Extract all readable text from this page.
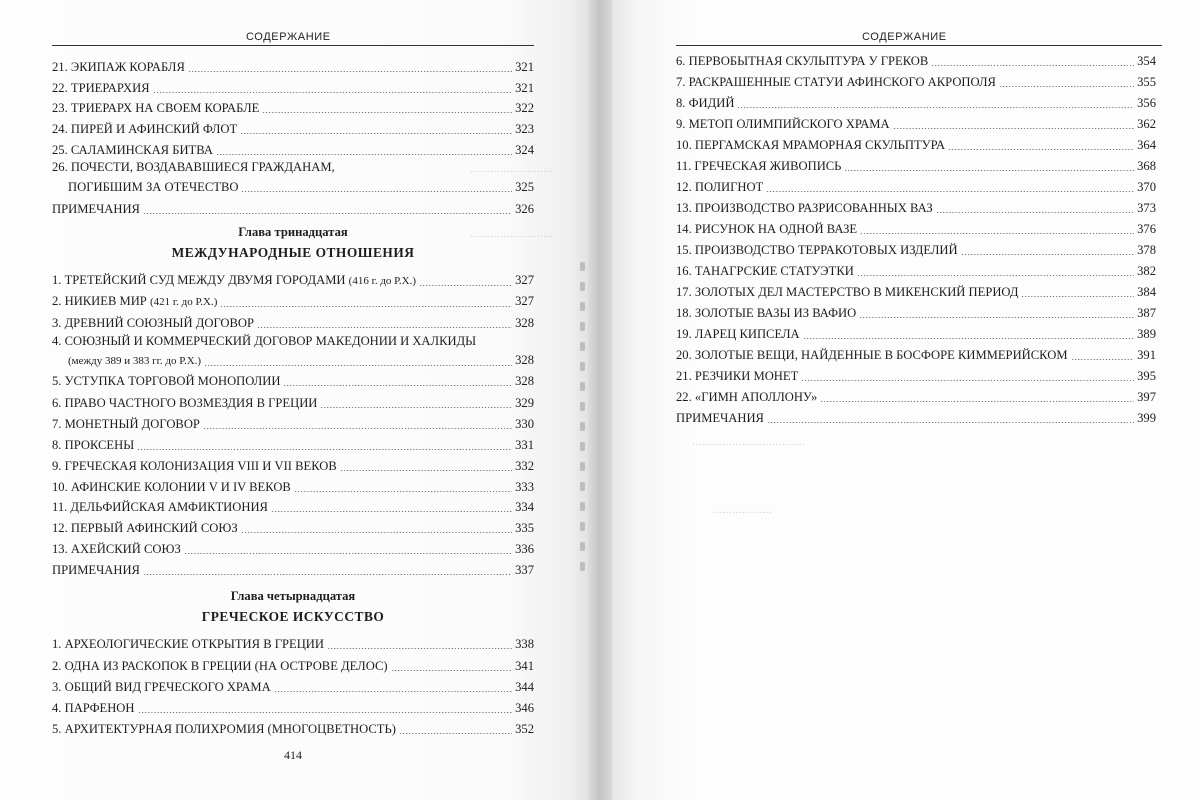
СОДЕРЖАНИЕ
·························
·························
21. ЭКИПАЖ КОРАБЛЯ	321
22. ТРИЕРАРХИЯ	321
23. ТРИЕРАРХ НА СВОЕМ КОРАБЛЕ	322
24. ПИРЕЙ И АФИНСКИЙ ФЛОТ	323
25. САЛАМИНСКАЯ БИТВА	324
26. ПОЧЕСТИ, ВОЗДАВАВШИЕСЯ ГРАЖДАНАМ,
ПОГИБШИМ ЗА ОТЕЧЕСТВО	325
ПРИМЕЧАНИЯ	326
Глава тринадцатая
МЕЖДУНАРОДНЫЕ ОТНОШЕНИЯ
1. ТРЕТЕЙСКИЙ СУД МЕЖДУ ДВУМЯ ГОРОДАМИ (416 г. до Р.Х.)	327
2. НИКИЕВ МИР (421 г. до Р.Х.)	327
3. ДРЕВНИЙ СОЮЗНЫЙ ДОГОВОР	328
4. СОЮЗНЫЙ И КОММЕРЧЕСКИЙ ДОГОВОР МАКЕДОНИИ И ХАЛКИДЫ
(между 389 и 383 гг. до Р.Х.)	328
5. УСТУПКА ТОРГОВОЙ МОНОПОЛИИ	328
6. ПРАВО ЧАСТНОГО ВОЗМЕЗДИЯ В ГРЕЦИИ	329
7. МОНЕТНЫЙ ДОГОВОР	330
8. ПРОКСЕНЫ	331
9. ГРЕЧЕСКАЯ КОЛОНИЗАЦИЯ VIII И VII ВЕКОВ	332
10. АФИНСКИЕ КОЛОНИИ V И IV ВЕКОВ	333
11. ДЕЛЬФИЙСКАЯ АМФИКТИОНИЯ	334
12. ПЕРВЫЙ АФИНСКИЙ СОЮЗ	335
13. АХЕЙСКИЙ СОЮЗ	336
ПРИМЕЧАНИЯ	337
Глава четырнадцатая
ГРЕЧЕСКОЕ ИСКУССТВО
1. АРХЕОЛОГИЧЕСКИЕ ОТКРЫТИЯ В ГРЕЦИИ	338
2. ОДНА ИЗ РАСКОПОК В ГРЕЦИИ (НА ОСТРОВЕ ДЕЛОС)	341
3. ОБЩИЙ ВИД ГРЕЧЕСКОГО ХРАМА	344
4. ПАРФЕНОН	346
5. АРХИТЕКТУРНАЯ ПОЛИХРОМИЯ (МНОГОЦВЕТНОСТЬ)	352
414
СОДЕРЖАНИЕ
··································
··················
6. ПЕРВОБЫТНАЯ СКУЛЬПТУРА У ГРЕКОВ	354
7. РАСКРАШЕННЫЕ СТАТУИ АФИНСКОГО АКРОПОЛЯ	355
8. ФИДИЙ	356
9. МЕТОП ОЛИМПИЙСКОГО ХРАМА	362
10. ПЕРГАМСКАЯ МРАМОРНАЯ СКУЛЬПТУРА	364
11. ГРЕЧЕСКАЯ ЖИВОПИСЬ	368
12. ПОЛИГНОТ	370
13. ПРОИЗВОДСТВО РАЗРИСОВАННЫХ ВАЗ	373
14. РИСУНОК НА ОДНОЙ ВАЗЕ	376
15. ПРОИЗВОДСТВО ТЕРРАКОТОВЫХ ИЗДЕЛИЙ	378
16. ТАНАГРСКИЕ СТАТУЭТКИ	382
17. ЗОЛОТЫХ ДЕЛ МАСТЕРСТВО В МИКЕНСКИЙ ПЕРИОД	384
18. ЗОЛОТЫЕ ВАЗЫ ИЗ ВАФИО	387
19. ЛАРЕЦ КИПСЕЛА	389
20. ЗОЛОТЫЕ ВЕЩИ, НАЙДЕННЫЕ В БОСФОРЕ КИММЕРИЙСКОМ	391
21. РЕЗЧИКИ МОНЕТ	395
22. «ГИМН АПОЛЛОНУ»	397
ПРИМЕЧАНИЯ	399
